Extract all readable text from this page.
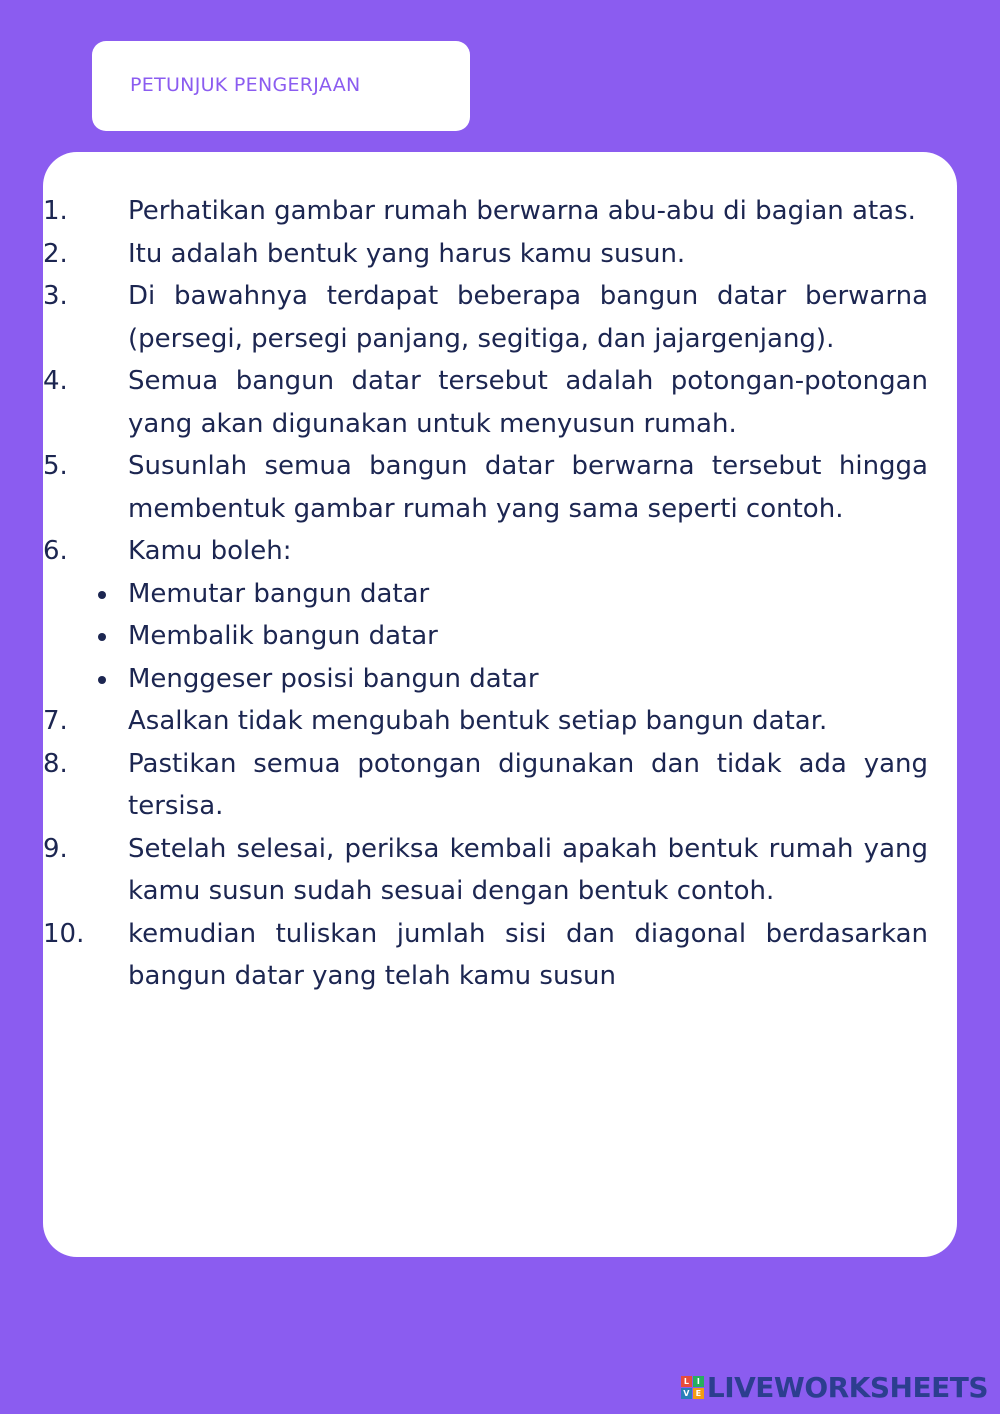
PETUNJUK PENGERJAAN
1.	Perhatikan gambar rumah berwarna abu-abu di bagian atas.
2.	Itu adalah bentuk yang harus kamu susun.
3.	Di bawahnya terdapat beberapa bangun datar berwarna (persegi, persegi panjang, segitiga, dan jajargenjang).
4.	Semua bangun datar tersebut adalah potongan-potongan yang akan digunakan untuk menyusun rumah.
5.	Susunlah semua bangun datar berwarna tersebut hingga membentuk gambar rumah yang sama seperti contoh.
6.	Kamu boleh:
Memutar bangun datar
Membalik bangun datar
Menggeser posisi bangun datar
7.	Asalkan tidak mengubah bentuk setiap bangun datar.
8.	Pastikan semua potongan digunakan dan tidak ada yang tersisa.
9.	Setelah selesai, periksa kembali apakah bentuk rumah yang kamu susun sudah sesuai dengan bentuk contoh.
10.	kemudian tuliskan jumlah sisi dan diagonal berdasarkan bangun datar yang telah kamu susun
L I
V E LIVEWORKSHEETS
